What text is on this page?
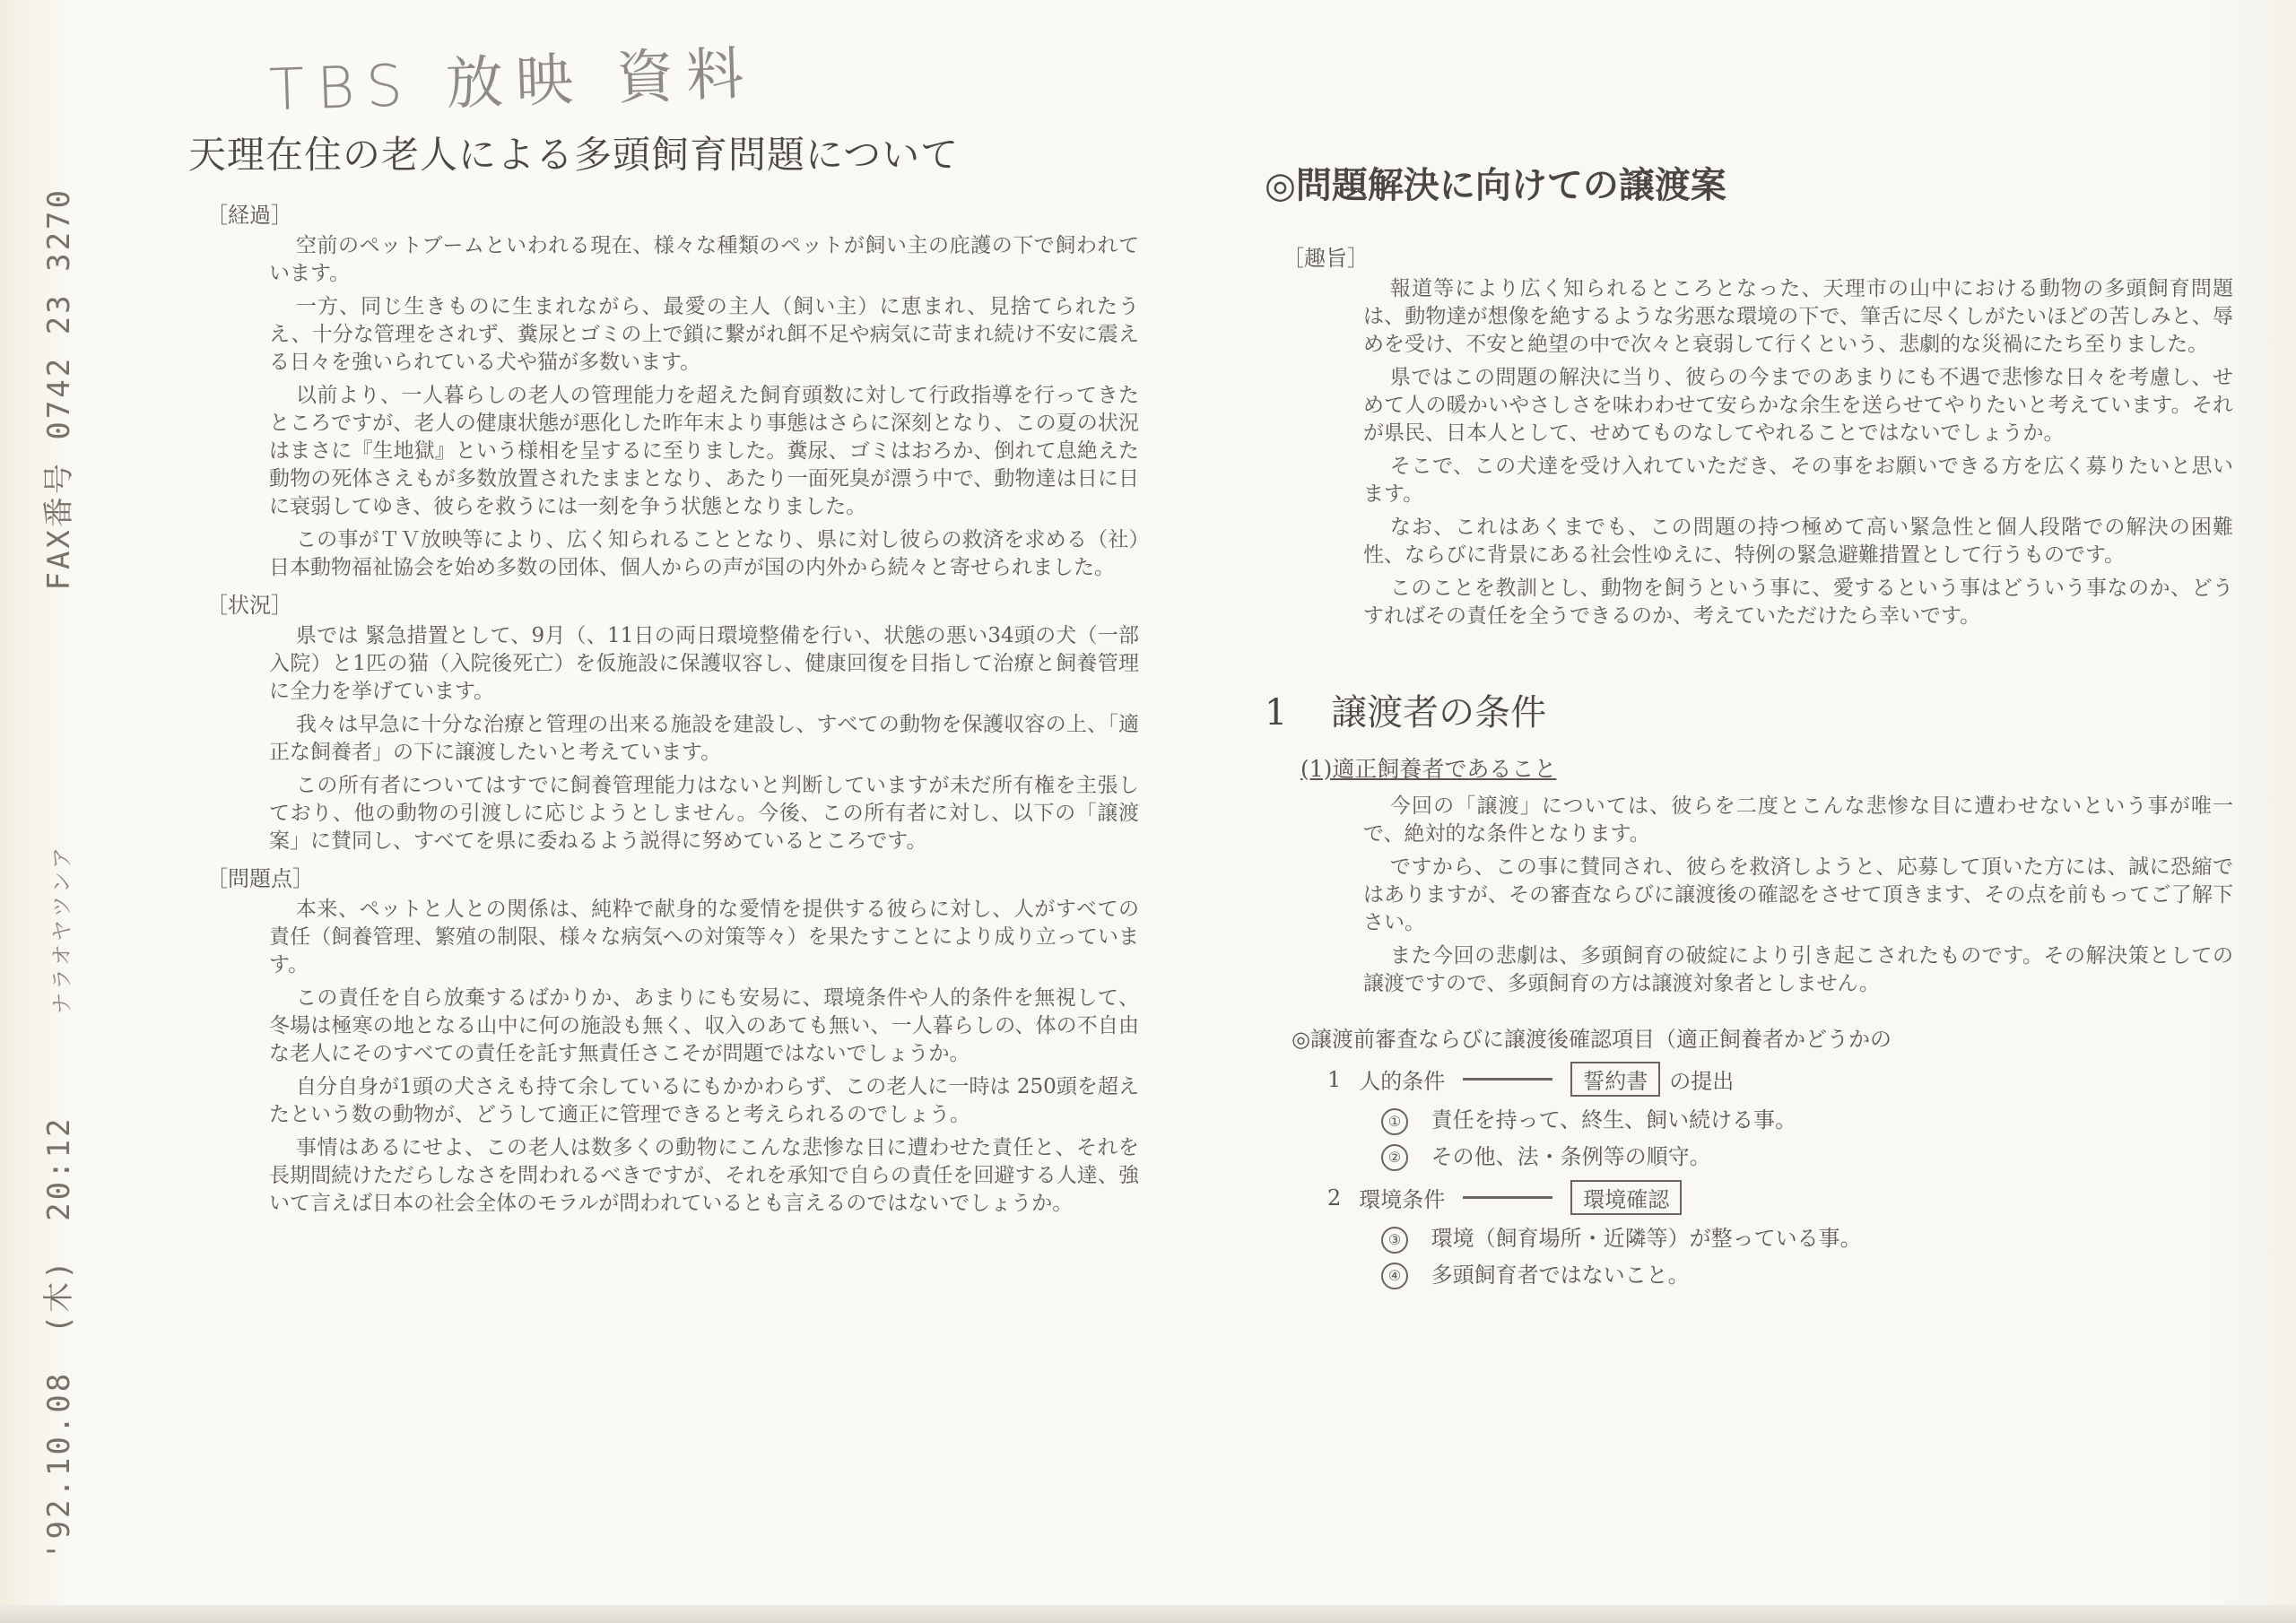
'92.10.08 (木) 20:12 ナラオヤツンア FAX番号 0742 23 3270
TBS 放映 資料
天理在住の老人による多頭飼育問題について
［経過］

空前のペットブームといわれる現在、様々な種類のペットが飼い主の庇護の下で飼われています。

一方、同じ生きものに生まれながら、最愛の主人（飼い主）に恵まれ、見捨てられたうえ、十分な管理をされず、糞尿とゴミの上で鎖に繋がれ餌不足や病気に苛まれ続け不安に震える日々を強いられている犬や猫が多数います。

以前より、一人暮らしの老人の管理能力を超えた飼育頭数に対して行政指導を行ってきたところですが、老人の健康状態が悪化した昨年末より事態はさらに深刻となり、この夏の状況はまさに『生地獄』という様相を呈するに至りました。糞尿、ゴミはおろか、倒れて息絶えた動物の死体さえもが多数放置されたままとなり、あたり一面死臭が漂う中で、動物達は日に日に衰弱してゆき、彼らを救うには一刻を争う状態となりました。

この事がＴＶ放映等により、広く知られることとなり、県に対し彼らの救済を求める（社）日本動物福祉協会を始め多数の団体、個人からの声が国の内外から続々と寄せられました。

［状況］

県では 緊急措置として、9月（、11日の両日環境整備を行い、状態の悪い34頭の犬（一部入院）と1匹の猫（入院後死亡）を仮施設に保護収容し、健康回復を目指して治療と飼養管理に全力を挙げています。

我々は早急に十分な治療と管理の出来る施設を建設し、すべての動物を保護収容の上、「適正な飼養者」の下に譲渡したいと考えています。

この所有者についてはすでに飼養管理能力はないと判断していますが未だ所有権を主張しており、他の動物の引渡しに応じようとしません。今後、この所有者に対し、以下の「譲渡案」に賛同し、すべてを県に委ねるよう説得に努めているところです。

［問題点］

本来、ペットと人との関係は、純粋で献身的な愛情を提供する彼らに対し、人がすべての責任（飼養管理、繁殖の制限、様々な病気への対策等々）を果たすことにより成り立っています。

この責任を自ら放棄するばかりか、あまりにも安易に、環境条件や人的条件を無視して、冬場は極寒の地となる山中に何の施設も無く、収入のあても無い、一人暮らしの、体の不自由な老人にそのすべての責任を託す無責任さこそが問題ではないでしょうか。

自分自身が1頭の犬さえも持て余しているにもかかわらず、この老人に一時は 250頭を超えたという数の動物が、どうして適正に管理できると考えられるのでしょう。

事情はあるにせよ、この老人は数多くの動物にこんな悲惨な日に遭わせた責任と、それを長期間続けただらしなさを問われるべきですが、それを承知で自らの責任を回避する人達、強いて言えば日本の社会全体のモラルが問われているとも言えるのではないでしょうか。

◎問題解決に向けての譲渡案
［趣旨］

報道等により広く知られるところとなった、天理市の山中における動物の多頭飼育問題は、動物達が想像を絶するような劣悪な環境の下で、筆舌に尽くしがたいほどの苦しみと、辱めを受け、不安と絶望の中で次々と衰弱して行くという、悲劇的な災禍にたち至りました。

県ではこの問題の解決に当り、彼らの今までのあまりにも不遇で悲惨な日々を考慮し、せめて人の暖かいやさしさを味わわせて安らかな余生を送らせてやりたいと考えています。それが県民、日本人として、せめてものなしてやれることではないでしょうか。

そこで、この犬達を受け入れていただき、その事をお願いできる方を広く募りたいと思います。

なお、これはあくまでも、この問題の持つ極めて高い緊急性と個人段階での解決の困難性、ならびに背景にある社会性ゆえに、特例の緊急避難措置として行うものです。

このことを教訓とし、動物を飼うという事に、愛するという事はどういう事なのか、どうすればその責任を全うできるのか、考えていただけたら幸いです。

1 譲渡者の条件
(1)適正飼養者であること

今回の「譲渡」については、彼らを二度とこんな悲惨な目に遭わせないという事が唯一で、絶対的な条件となります。

ですから、この事に賛同され、彼らを救済しようと、応募して頂いた方には、誠に恐縮ではありますが、その審査ならびに譲渡後の確認をさせて頂きます、その点を前もってご了解下さい。

また今回の悲劇は、多頭飼育の破綻により引き起こされたものです。その解決策としての譲渡ですので、多頭飼育の方は譲渡対象者としません。

◎譲渡前審査ならびに譲渡後確認項目（適正飼養者かどうかの
1 人的条件	誓約書	の提出
① 責任を持って、終生、飼い続ける事。
② その他、法・条例等の順守。
2 環境条件	環境確認
③ 環境（飼育場所・近隣等）が整っている事。
④ 多頭飼育者ではないこと。
